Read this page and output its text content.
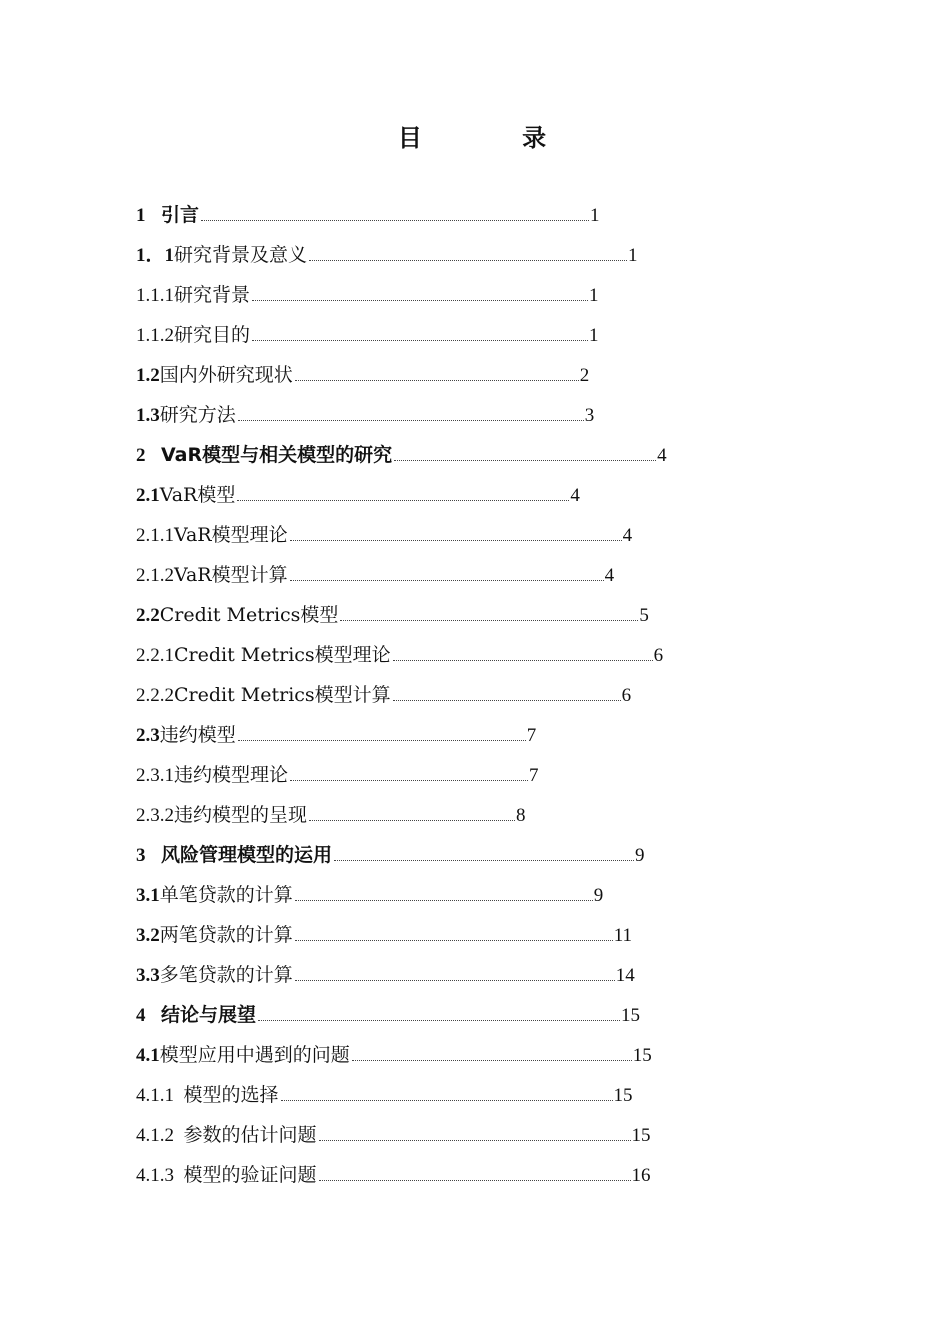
目 录
1 引言	1
1．1 研究背景及意义	1
1.1.1 研究背景	1
1.1.2 研究目的	1
1.2 国内外研究现状	2
1.3 研究方法	3
2 VaR模型与相关模型的研究	4
2.1 VaR模型	4
2.1.1 VaR模型理论	4
2.1.2 VaR模型计算	4
2.2 Credit Metrics模型	5
2.2.1 Credit Metrics模型理论	6
2.2.2 Credit Metrics模型计算	6
2.3 违约模型	7
2.3.1 违约模型理论	7
2.3.2 违约模型的呈现	8
3 风险管理模型的运用	9
3.1 单笔贷款的计算	9
3.2 两笔贷款的计算	11
3.3 多笔贷款的计算	14
4 结论与展望	15
4.1 模型应用中遇到的问题	15
4.1.1 模型的选择	15
4.1.2 参数的估计问题	15
4.1.3 模型的验证问题	16
